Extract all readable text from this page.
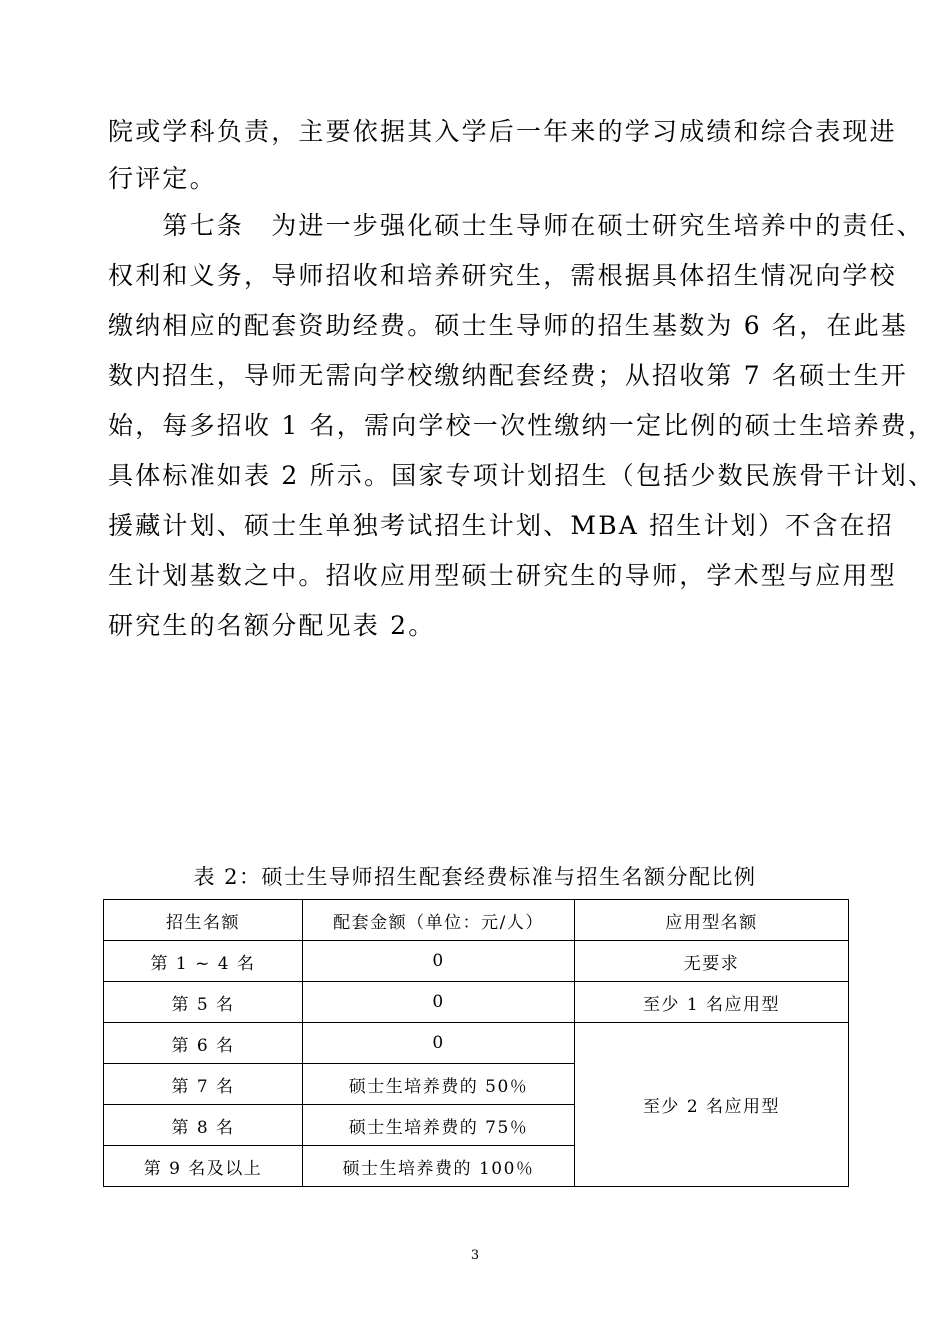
院或学科负责，主要依据其入学后一年来的学习成绩和综合表现进
行评定。
　　第七条　为进一步强化硕士生导师在硕士研究生培养中的责任、
权利和义务，导师招收和培养研究生，需根据具体招生情况向学校
缴纳相应的配套资助经费。硕士生导师的招生基数为 6 名，在此基
数内招生，导师无需向学校缴纳配套经费；从招收第 7 名硕士生开
始，每多招收 1 名，需向学校一次性缴纳一定比例的硕士生培养费，
具体标准如表 2 所示。国家专项计划招生（包括少数民族骨干计划、
援藏计划、硕士生单独考试招生计划、MBA 招生计划）不含在招
生计划基数之中。招收应用型硕士研究生的导师，学术型与应用型
研究生的名额分配见表 2。
表 2：硕士生导师招生配套经费标准与招生名额分配比例
招生名额	配套金额（单位：元/人）	应用型名额
第 1 ~ 4 名	0	无要求
第 5 名	0	至少 1 名应用型
第 6 名	0	至少 2 名应用型
第 7 名	硕士生培养费的 50％	
第 8 名	硕士生培养费的 75％	
第 9 名及以上	硕士生培养费的 100％	
3
